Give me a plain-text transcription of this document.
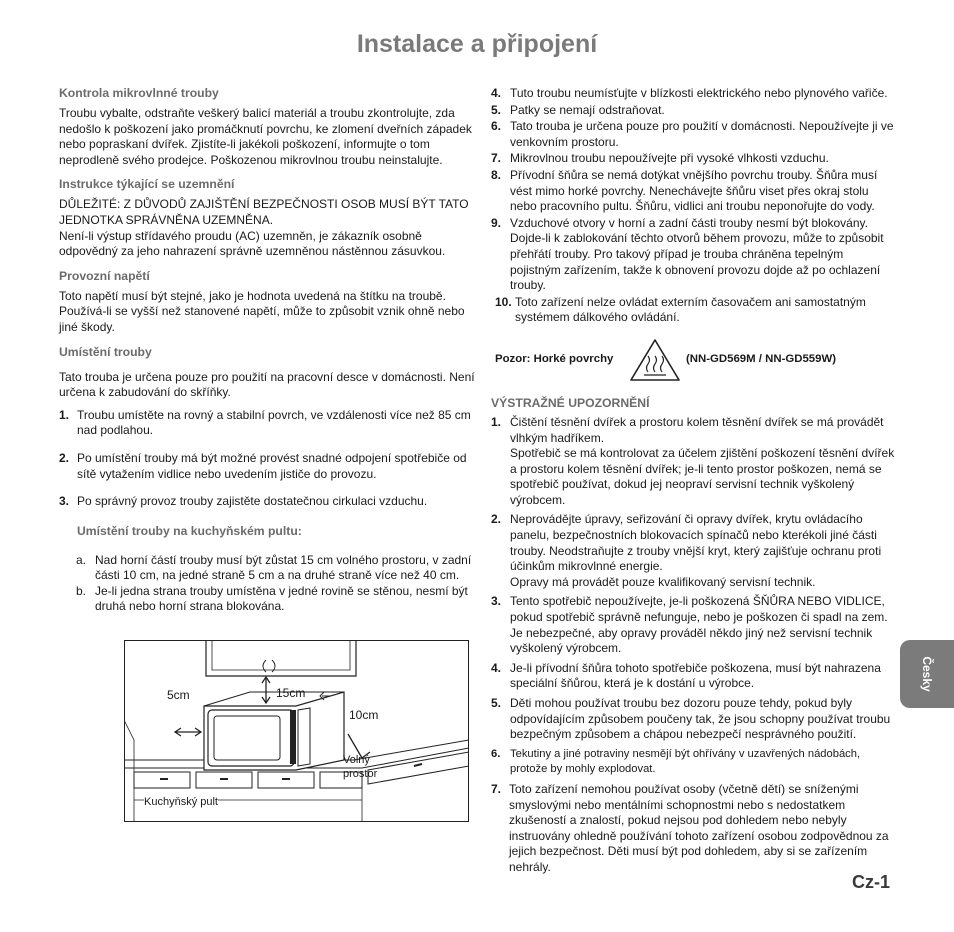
Instalace a připojení
Kontrola mikrovlnné trouby

Troubu vybalte, odstraňte veškerý balicí materiál a troubu zkontrolujte, zda nedošlo k poškození jako promáčknutí povrchu, ke zlomení dveřních západek nebo popraskaní dvířek. Zjistíte-li jakékoli poškození, informujte o tom neprodleně svého prodejce. Poškozenou mikrovlnou troubu neinstalujte.

Instrukce týkající se uzemnění

DŮLEŽITÉ: Z DŮVODŮ ZAJIŠTĚNÍ BEZPEČNOSTI OSOB MUSÍ BÝT TATO JEDNOTKA SPRÁVNĚNA UZEMNĚNA.

Není-li výstup střídavého proudu (AC) uzemněn, je zákazník osobně odpovědný za jeho nahrazení správně uzemněnou nástěnnou zásuvkou.

Provozní napětí

Toto napětí musí být stejné, jako je hodnota uvedená na štítku na troubě. Používá-li se vyšší než stanovené napětí, může to způsobit vznik ohně nebo jiné škody.

Umístění trouby

Tato trouba je určena pouze pro použití na pracovní desce v domácnosti. Není určena k zabudování do skříňky.

1. Troubu umístěte na rovný a stabilní povrch, ve vzdálenosti více než 85 cm nad podlahou.
2. Po umístění trouby má být možné provést snadné odpojení spotřebiče od sítě vytažením vidlice nebo uvedením jističe do provozu.
3. Po správný provoz trouby zajistěte dostatečnou cirkulaci vzduchu.
Umístění trouby na kuchyňském pultu:
a. Nad horní částí trouby musí být zůstat 15 cm volného prostoru, v zadní části 10 cm, na jedné straně 5 cm a na druhé straně více než 40 cm.
b. Je-li jedna strana trouby umístěna v jedné rovině se stěnou, nesmí být druhá nebo horní strana blokována.
5cm	15cm
10cm
Volný
prostor
Kuchyňský pult
4. Tuto troubu neumísťujte v blízkosti elektrického nebo plynového vařiče.
5. Patky se nemají odstraňovat.
6. Tato trouba je určena pouze pro použití v domácnosti. Nepoužívejte ji ve venkovním prostoru.
7. Mikrovlnou troubu nepoužívejte při vysoké vlhkosti vzduchu.
8. Přívodní šňůra se nemá dotýkat vnějšího povrchu trouby. Šňůra musí vést mimo horké povrchy. Nenechávejte šňůru viset přes okraj stolu nebo pracovního pultu. Šňůru, vidlici ani troubu neponořujte do vody.
9. Vzduchové otvory v horní a zadní části trouby nesmí být blokovány. Dojde-li k zablokování těchto otvorů během provozu, může to způsobit přehřátí trouby. Pro takový případ je trouba chráněna tepelným pojistným zařízením, takže k obnovení provozu dojde až po ochlazení trouby.
10. Toto zařízení nelze ovládat externím časovačem ani samostatným systémem dálkového ovládání.
Pozor: Horké povrchy	(NN-GD569M / NN-GD559W)
VÝSTRAŽNÉ UPOZORNĚNÍ
1. Čištění těsnění dvířek a prostoru kolem těsnění dvířek se má provádět vlhkým hadříkem.
Spotřebič se má kontrolovat za účelem zjištění poškození těsnění dvířek a prostoru kolem těsnění dvířek; je-li tento prostor poškozen, nemá se spotřebič používat, dokud jej neopraví servisní technik vyškolený výrobcem.
2. Neprovádějte úpravy, seřizování či opravy dvířek, krytu ovládacího panelu, bezpečnostních blokovacích spínačů nebo kterékoli jiné části trouby. Neodstraňujte z trouby vnější kryt, který zajišťuje ochranu proti účinkům mikrovlnné energie.
Opravy má provádět pouze kvalifikovaný servisní technik.
3. Tento spotřebič nepoužívejte, je-li poškozená ŠŇŮRA NEBO VIDLICE, pokud spotřebič správně nefunguje, nebo je poškozen či spadl na zem. Je nebezpečné, aby opravy prováděl někdo jiný než servisní technik vyškolený výrobcem.
4. Je-li přívodní šňůra tohoto spotřebiče poškozena, musí být nahrazena speciální šňůrou, která je k dostání u výrobce.
5. Děti mohou používat troubu bez dozoru pouze tehdy, pokud byly odpovídajícím způsobem poučeny tak, že jsou schopny používat troubu bezpečným způsobem a chápou nebezpečí nesprávného použití.
6. Tekutiny a jiné potraviny nesmějí být ohřívány v uzavřených nádobách, protože by mohly explodovat.
7. Toto zařízení nemohou používat osoby (včetně dětí) se sníženými smyslovými nebo mentálními schopnostmi nebo s nedostatkem zkušeností a znalostí, pokud nejsou pod dohledem nebo nebyly instruovány ohledně používání tohoto zařízení osobou zodpovědnou za jejich bezpečnost. Děti musí být pod dohledem, aby si se zařízením nehrály.
Česky
Cz-1
